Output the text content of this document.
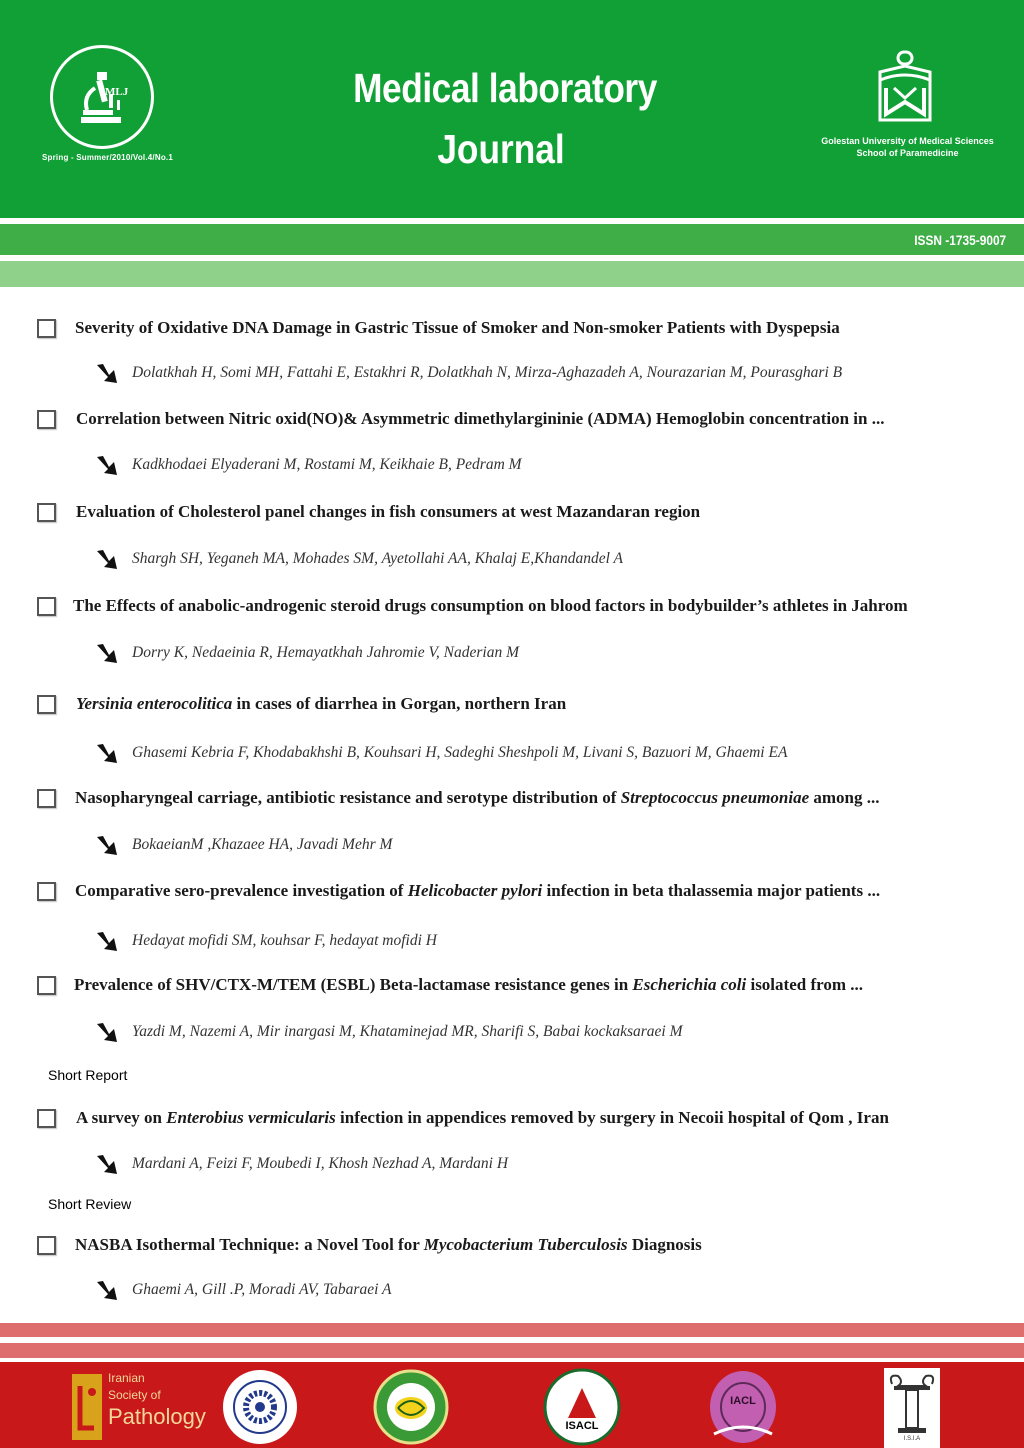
MLJ
Spring - Summer/2010/Vol.4/No.1
Medical laboratory
Journal	Golestan University of Medical Sciences
School of Paramedicine
ISSN -1735-9007
Severity of Oxidative DNA Damage in Gastric Tissue of Smoker and Non-smoker Patients with Dyspepsia
Dolatkhah H, Somi MH, Fattahi E, Estakhri R, Dolatkhah N, Mirza-Aghazadeh A, Nourazarian M, Pourasghari B
Correlation between Nitric oxid(NO)& Asymmetric dimethylargininie (ADMA) Hemoglobin concentration in ...
Kadkhodaei Elyaderani M, Rostami M, Keikhaie B, Pedram M
Evaluation of Cholesterol panel changes in fish consumers at west Mazandaran region
Shargh SH, Yeganeh MA, Mohades SM, Ayetollahi AA, Khalaj E,Khandandel A
The Effects of anabolic-androgenic steroid drugs consumption on blood factors in bodybuilder’s athletes in Jahrom
Dorry K, Nedaeinia R, Hemayatkhah Jahromie V, Naderian M
Yersinia enterocolitica in cases of diarrhea in Gorgan, northern Iran
Ghasemi Kebria F, Khodabakhshi B, Kouhsari H, Sadeghi Sheshpoli M, Livani S, Bazuori M, Ghaemi EA
Nasopharyngeal carriage, antibiotic resistance and serotype distribution of Streptococcus pneumoniae among ...
BokaeianM ,Khazaee HA, Javadi Mehr M
Comparative sero-prevalence investigation of Helicobacter pylori infection in beta thalassemia major patients ...
Hedayat mofidi SM, kouhsar F, hedayat mofidi H
Prevalence of SHV/CTX-M/TEM (ESBL) Beta-lactamase resistance genes in Escherichia coli isolated from ...
Yazdi M, Nazemi A, Mir inargasi M, Khataminejad MR, Sharifi S, Babai kockaksaraei M
A survey on Enterobius vermicularis infection in appendices removed by surgery in Necoii hospital of Qom , Iran
Mardani A, Feizi F, Moubedi I, Khosh Nezhad A, Mardani H
NASBA Isothermal Technique: a Novel Tool for Mycobacterium Tuberculosis Diagnosis
Ghaemi A, Gill .P, Moradi AV, Tabaraei A
Short Report
Short Review
Iranian
Society of
Pathology	ISACL
IACL
I.S.I.A
